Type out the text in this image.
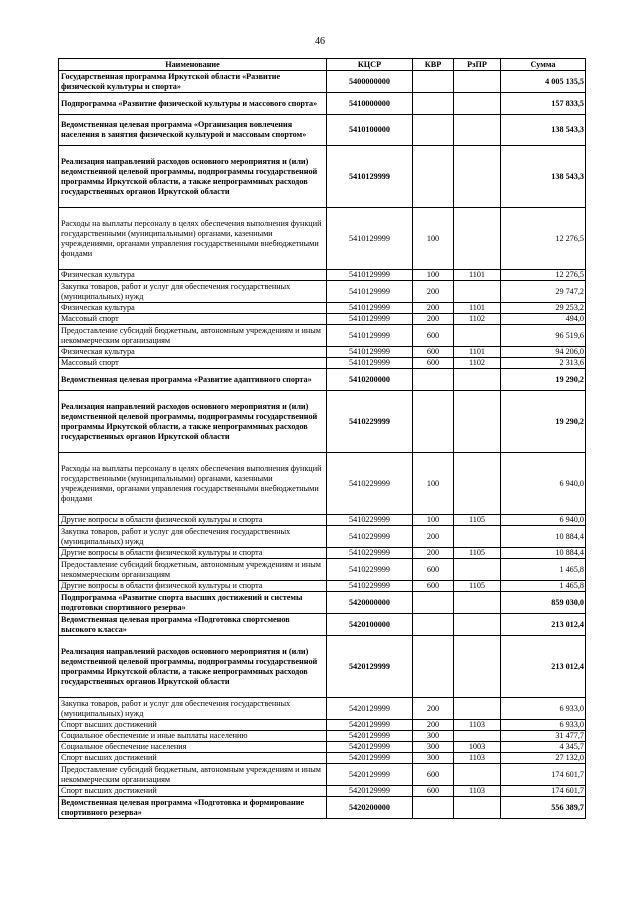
46
Наименование	КЦСР	КВР	РзПР	Сумма
Государственная программа Иркутской области «Развитие физической культуры и спорта»	5400000000			4 005 135,5
Подпрограмма «Развитие физической культуры и массового спорта»	5410000000			157 833,5
Ведомственная целевая программа «Организация вовлечения населения в занятия физической культурой и массовым спортом»	5410100000			138 543,3
Реализация направлений расходов основного мероприятия и (или) ведомственной целевой программы, подпрограммы государственной программы Иркутской области, а также непрограммных расходов государственных органов Иркутской области	5410129999			138 543,3
Расходы на выплаты персоналу в целях обеспечения выполнения функций государственными (муниципальными) органами, казенными учреждениями, органами управления государственными внебюджетными фондами	5410129999	100		12 276,5
Физическая культура	5410129999	100	1101	12 276,5
Закупка товаров, работ и услуг для обеспечения государственных (муниципальных) нужд	5410129999	200		29 747,2
Физическая культура	5410129999	200	1101	29 253,2
Массовый спорт	5410129999	200	1102	494,0
Предоставление субсидий бюджетным, автономным учреждениям и иным некоммерческим организациям	5410129999	600		96 519,6
Физическая культура	5410129999	600	1101	94 206,0
Массовый спорт	5410129999	600	1102	2 313,6
Ведомственная целевая программа «Развитие адаптивного спорта»	5410200000			19 290,2
Реализация направлений расходов основного мероприятия и (или) ведомственной целевой программы, подпрограммы государственной программы Иркутской области, а также непрограммных расходов государственных органов Иркутской области	5410229999			19 290,2
Расходы на выплаты персоналу в целях обеспечения выполнения функций государственными (муниципальными) органами, казенными учреждениями, органами управления государственными внебюджетными фондами	5410229999	100		6 940,0
Другие вопросы в области физической культуры и спорта	5410229999	100	1105	6 940,0
Закупка товаров, работ и услуг для обеспечения государственных (муниципальных) нужд	5410229999	200		10 884,4
Другие вопросы в области физической культуры и спорта	5410229999	200	1105	10 884,4
Предоставление субсидий бюджетным, автономным учреждениям и иным некоммерческим организациям	5410229999	600		1 465,8
Другие вопросы в области физической культуры и спорта	5410229999	600	1105	1 465,8
Подпрограмма «Развитие спорта высших достижений и системы подготовки спортивного резерва»	5420000000			859 030,0
Ведомственная целевая программа «Подготовка спортсменов высокого класса»	5420100000			213 012,4
Реализация направлений расходов основного мероприятия и (или) ведомственной целевой программы, подпрограммы государственной программы Иркутской области, а также непрограммных расходов государственных органов Иркутской области	5420129999			213 012,4
Закупка товаров, работ и услуг для обеспечения государственных (муниципальных) нужд	5420129999	200		6 933,0
Спорт высших достижений	5420129999	200	1103	6 933,0
Социальное обеспечение и иные выплаты населению	5420129999	300		31 477,7
Социальное обеспечение населения	5420129999	300	1003	4 345,7
Спорт высших достижений	5420129999	300	1103	27 132,0
Предоставление субсидий бюджетным, автономным учреждениям и иным некоммерческим организациям	5420129999	600		174 601,7
Спорт высших достижений	5420129999	600	1103	174 601,7
Ведомственная целевая программа «Подготовка и формирование спортивного резерва»	5420200000			556 389,7
